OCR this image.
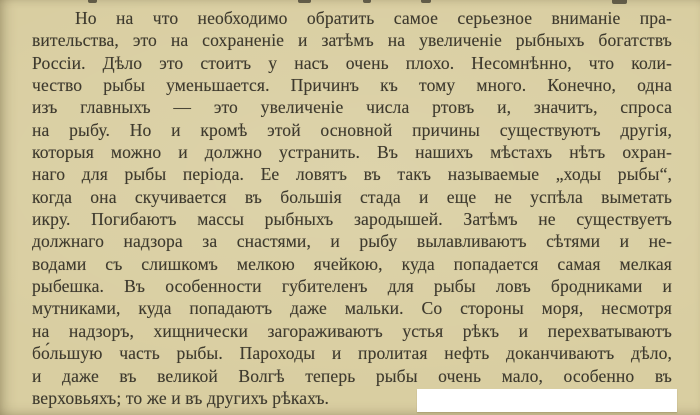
Но на что необходимо обратить самое серьезное вниманіе пра-
вительства, это на сохраненіе и затѣмъ на увеличеніе рыбныхъ богатствъ
Россіи. Дѣло это стоитъ у насъ очень плохо. Несомнѣнно, что коли-
чество рыбы уменьшается. Причинъ къ тому много. Конечно, одна
изъ главныхъ — это увеличеніе числа ртовъ и, значитъ, спроса
на рыбу. Но и кромѣ этой основной причины существуютъ другія,
которыя можно и должно устранить. Въ нашихъ мѣстахъ нѣтъ охран-
наго для рыбы періода. Ее ловятъ въ такъ называемые „ходы рыбы“,
когда она скучивается въ большія стада и еще не успѣла выметать
икру. Погибаютъ массы рыбныхъ зародышей. Затѣмъ не существуетъ
должнаго надзора за снастями, и рыбу вылавливаютъ сѣтями и не-
водами съ слишкомъ мелкою ячейкою, куда попадается самая мелкая
рыбешка. Въ особенности губителенъ для рыбы ловъ бродниками и
мутниками, куда попадаютъ даже мальки. Со стороны моря, несмотря
на надзоръ, хищнически загораживаютъ устья рѣкъ и перехватываютъ
бо́льшую часть рыбы. Пароходы и пролитая нефть доканчиваютъ дѣло,
и даже въ великой Волгѣ теперь рыбы очень мало, особенно въ
верховьяхъ; то же и въ другихъ рѣкахъ.
